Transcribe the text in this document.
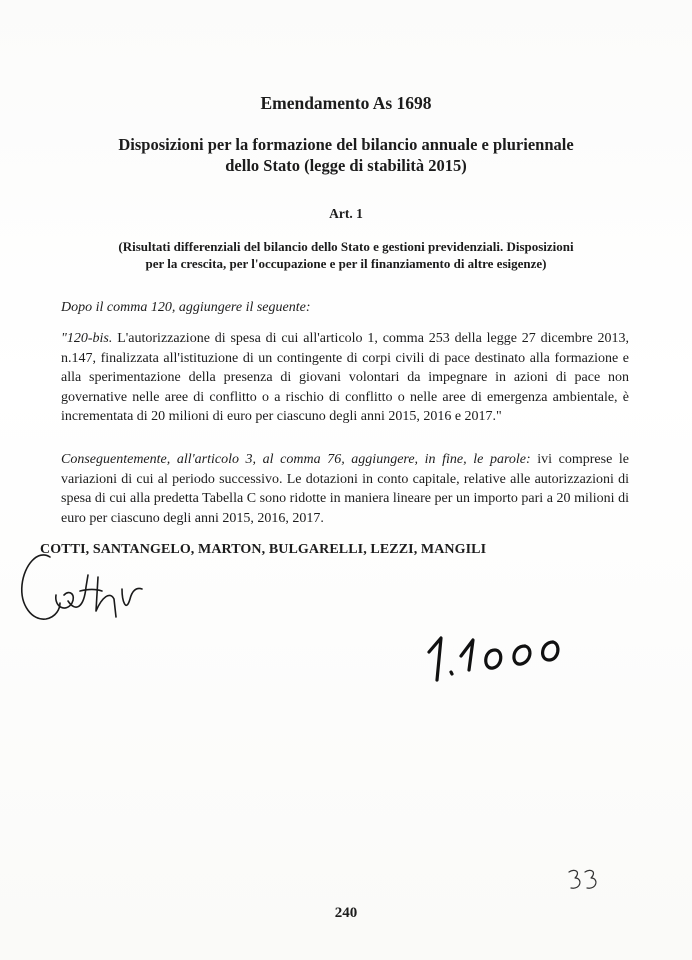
Emendamento As 1698
Disposizioni per la formazione del bilancio annuale e pluriennale
dello Stato (legge di stabilità 2015)
Art. 1
(Risultati differenziali del bilancio dello Stato e gestioni previdenziali. Disposizioni
per la crescita, per l'occupazione e per il finanziamento di altre esigenze)
Dopo il comma 120, aggiungere il seguente:
"120-bis. L'autorizzazione di spesa di cui all'articolo 1, comma 253 della legge 27 dicembre 2013, n.147, finalizzata all'istituzione di un contingente di corpi civili di pace destinato alla formazione e alla sperimentazione della presenza di giovani volontari da impegnare in azioni di pace non governative nelle aree di conflitto o a rischio di conflitto o nelle aree di emergenza ambientale, è incrementata di 20 milioni di euro per ciascuno degli anni 2015, 2016 e 2017."
Conseguentemente, all'articolo 3, al comma 76, aggiungere, in fine, le parole: ivi comprese le variazioni di cui al periodo successivo. Le dotazioni in conto capitale, relative alle autorizzazioni di spesa di cui alla predetta Tabella C sono ridotte in maniera lineare per un importo pari a 20 milioni di euro per ciascuno degli anni 2015, 2016, 2017.
COTTI, SANTANGELO, MARTON, BULGARELLI, LEZZI, MANGILI
240
